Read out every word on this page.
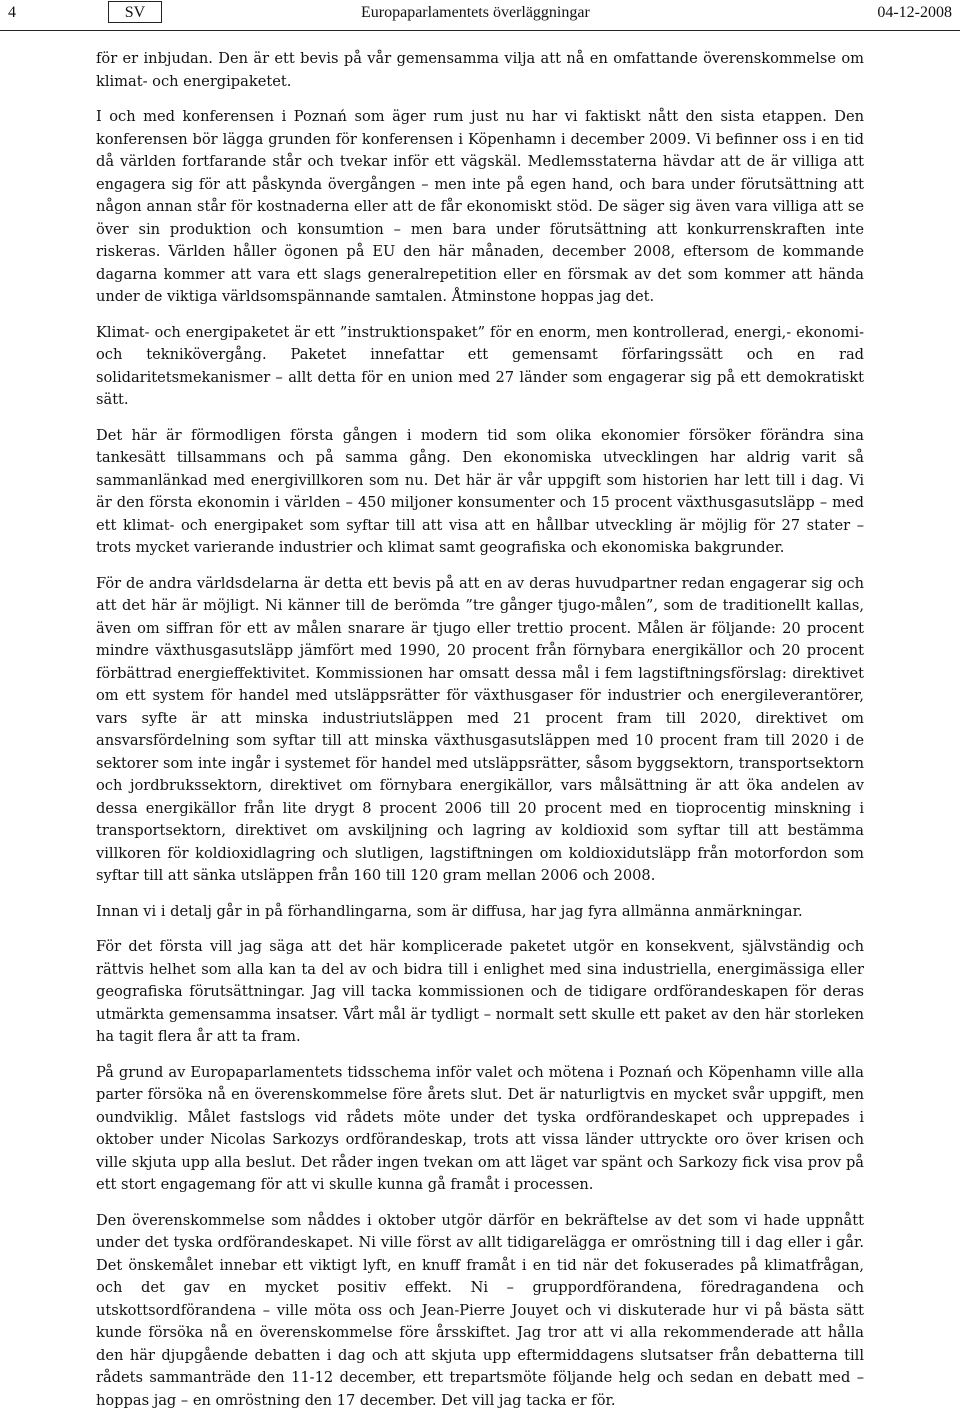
4	SV	Europaparlamentets överläggningar	04-12-2008

för er inbjudan. Den är ett bevis på vår gemensamma vilja att nå en omfattande överenskommelse om klimat- och energipaketet.

I och med konferensen i Poznań som äger rum just nu har vi faktiskt nått den sista etappen. Den konferensen bör lägga grunden för konferensen i Köpenhamn i december 2009. Vi befinner oss i en tid då världen fortfarande står och tvekar inför ett vägskäl. Medlemsstaterna hävdar att de är villiga att engagera sig för att påskynda övergången – men inte på egen hand, och bara under förutsättning att någon annan står för kostnaderna eller att de får ekonomiskt stöd. De säger sig även vara villiga att se över sin produktion och konsumtion – men bara under förutsättning att konkurrenskraften inte riskeras. Världen håller ögonen på EU den här månaden, december 2008, eftersom de kommande dagarna kommer att vara ett slags generalrepetition eller en försmak av det som kommer att hända under de viktiga världsomspännande samtalen. Åtminstone hoppas jag det.

Klimat- och energipaketet är ett ”instruktionspaket” för en enorm, men kontrollerad, energi,- ekonomi- och teknikövergång. Paketet innefattar ett gemensamt förfaringssätt och en rad solidaritetsmekanismer – allt detta för en union med 27 länder som engagerar sig på ett demokratiskt sätt.

Det här är förmodligen första gången i modern tid som olika ekonomier försöker förändra sina tankesätt tillsammans och på samma gång. Den ekonomiska utvecklingen har aldrig varit så sammanlänkad med energivillkoren som nu. Det här är vår uppgift som historien har lett till i dag. Vi är den första ekonomin i världen – 450 miljoner konsumenter och 15 procent växthusgasutsläpp – med ett klimat- och energipaket som syftar till att visa att en hållbar utveckling är möjlig för 27 stater – trots mycket varierande industrier och klimat samt geografiska och ekonomiska bakgrunder.

För de andra världsdelarna är detta ett bevis på att en av deras huvudpartner redan engagerar sig och att det här är möjligt. Ni känner till de berömda ”tre gånger tjugo-målen”, som de traditionellt kallas, även om siffran för ett av målen snarare är tjugo eller trettio procent. Målen är följande: 20 procent mindre växthusgasutsläpp jämfört med 1990, 20 procent från förnybara energikällor och 20 procent förbättrad energieffektivitet. Kommissionen har omsatt dessa mål i fem lagstiftningsförslag: direktivet om ett system för handel med utsläppsrätter för växthusgaser för industrier och energileverantörer, vars syfte är att minska industriutsläppen med 21 procent fram till 2020, direktivet om ansvarsfördelning som syftar till att minska växthusgasutsläppen med 10 procent fram till 2020 i de sektorer som inte ingår i systemet för handel med utsläppsrätter, såsom byggsektorn, transportsektorn och jordbrukssektorn, direktivet om förnybara energikällor, vars målsättning är att öka andelen av dessa energikällor från lite drygt 8 procent 2006 till 20 procent med en tioprocentig minskning i transportsektorn, direktivet om avskiljning och lagring av koldioxid som syftar till att bestämma villkoren för koldioxidlagring och slutligen, lagstiftningen om koldioxidutsläpp från motorfordon som syftar till att sänka utsläppen från 160 till 120 gram mellan 2006 och 2008.

Innan vi i detalj går in på förhandlingarna, som är diffusa, har jag fyra allmänna anmärkningar.

För det första vill jag säga att det här komplicerade paketet utgör en konsekvent, självständig och rättvis helhet som alla kan ta del av och bidra till i enlighet med sina industriella, energimässiga eller geografiska förutsättningar. Jag vill tacka kommissionen och de tidigare ordförandeskapen för deras utmärkta gemensamma insatser. Vårt mål är tydligt – normalt sett skulle ett paket av den här storleken ha tagit flera år att ta fram.

På grund av Europaparlamentets tidsschema inför valet och mötena i Poznań och Köpenhamn ville alla parter försöka nå en överenskommelse före årets slut. Det är naturligtvis en mycket svår uppgift, men oundviklig. Målet fastslogs vid rådets möte under det tyska ordförandeskapet och upprepades i oktober under Nicolas Sarkozys ordförandeskap, trots att vissa länder uttryckte oro över krisen och ville skjuta upp alla beslut. Det råder ingen tvekan om att läget var spänt och Sarkozy fick visa prov på ett stort engagemang för att vi skulle kunna gå framåt i processen.

Den överenskommelse som nåddes i oktober utgör därför en bekräftelse av det som vi hade uppnått under det tyska ordförandeskapet. Ni ville först av allt tidigarelägga er omröstning till i dag eller i går. Det önskemålet innebar ett viktigt lyft, en knuff framåt i en tid när det fokuserades på klimatfrågan, och det gav en mycket positiv effekt. Ni – gruppordförandena, föredragandena och utskottsordförandena – ville möta oss och Jean-Pierre Jouyet och vi diskuterade hur vi på bästa sätt kunde försöka nå en överenskommelse före årsskiftet. Jag tror att vi alla rekommenderade att hålla den här djupgående debatten i dag och att skjuta upp eftermiddagens slutsatser från debatterna till rådets sammanträde den 11-12 december, ett trepartsmöte följande helg och sedan en debatt med – hoppas jag – en omröstning den 17 december. Det vill jag tacka er för.
